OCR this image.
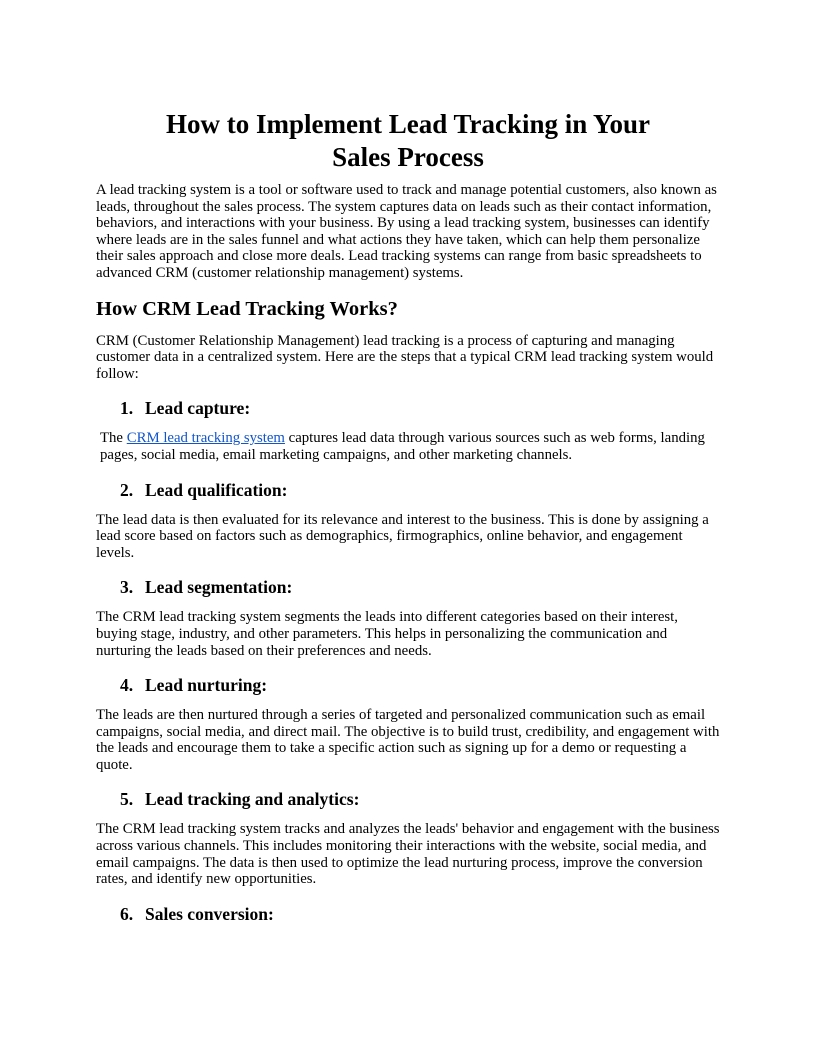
How to Implement Lead Tracking in Your
Sales Process

A lead tracking system is a tool or software used to track and manage potential customers, also known as leads, throughout the sales process. The system captures data on leads such as their contact information, behaviors, and interactions with your business. By using a lead tracking system, businesses can identify where leads are in the sales funnel and what actions they have taken, which can help them personalize their sales approach and close more deals. Lead tracking systems can range from basic spreadsheets to advanced CRM (customer relationship management) systems.

How CRM Lead Tracking Works?

CRM (Customer Relationship Management) lead tracking is a process of capturing and managing customer data in a centralized system. Here are the steps that a typical CRM lead tracking system would follow:

1. Lead capture:

The CRM lead tracking system captures lead data through various sources such as web forms, landing pages, social media, email marketing campaigns, and other marketing channels.

2. Lead qualification:

The lead data is then evaluated for its relevance and interest to the business. This is done by assigning a lead score based on factors such as demographics, firmographics, online behavior, and engagement levels.

3. Lead segmentation:

The CRM lead tracking system segments the leads into different categories based on their interest, buying stage, industry, and other parameters. This helps in personalizing the communication and nurturing the leads based on their preferences and needs.

4. Lead nurturing:

The leads are then nurtured through a series of targeted and personalized communication such as email campaigns, social media, and direct mail. The objective is to build trust, credibility, and engagement with the leads and encourage them to take a specific action such as signing up for a demo or requesting a quote.

5. Lead tracking and analytics:

The CRM lead tracking system tracks and analyzes the leads' behavior and engagement with the business across various channels. This includes monitoring their interactions with the website, social media, and email campaigns. The data is then used to optimize the lead nurturing process, improve the conversion rates, and identify new opportunities.

6. Sales conversion:
